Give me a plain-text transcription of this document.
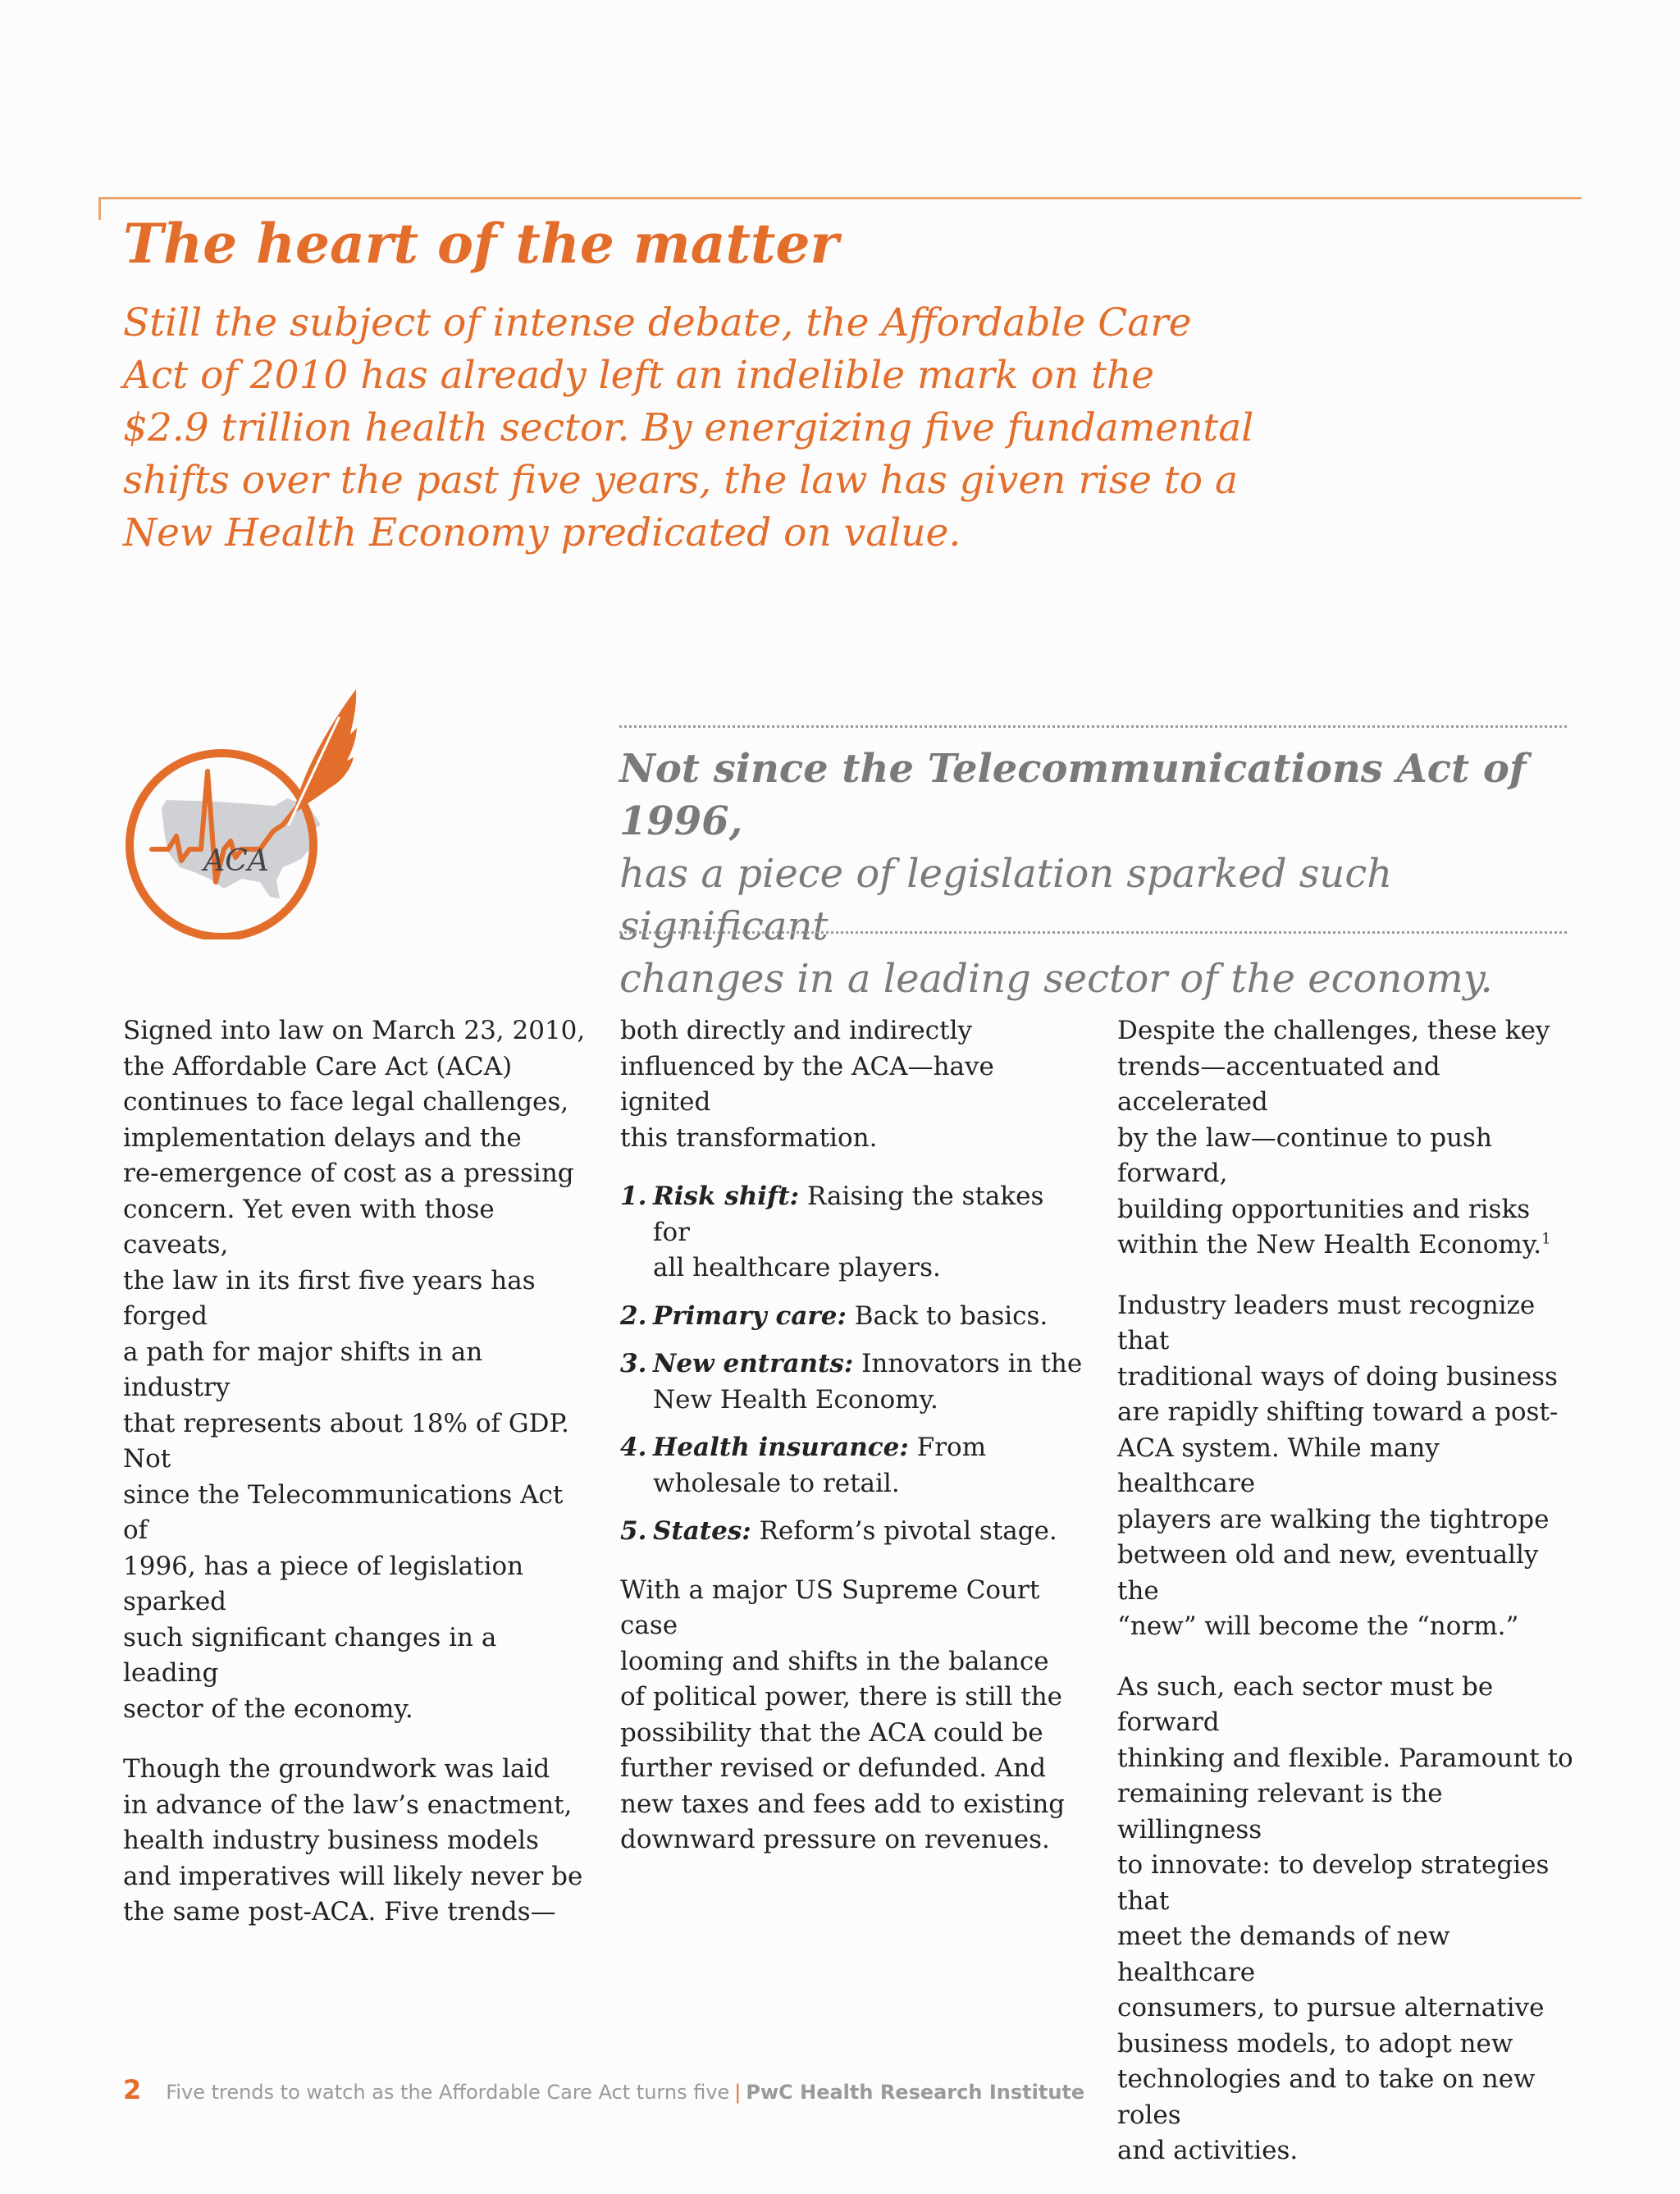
The heart of the matter

Still the subject of intense debate, the Affordable Care
Act of 2010 has already left an indelible mark on the
$2.9 trillion health sector. By energizing five fundamental
shifts over the past five years, the law has given rise to a
New Health Economy predicated on value.

ACA

Not since the Telecommunications Act of 1996,
has a piece of legislation sparked such significant
changes in a leading sector of the economy.

Signed into law on March 23, 2010,
the Affordable Care Act (ACA)
continues to face legal challenges,
implementation delays and the
re-emergence of cost as a pressing
concern. Yet even with those caveats,
the law in its first five years has forged
a path for major shifts in an industry
that represents about 18% of GDP. Not
since the Telecommunications Act of
1996, has a piece of legislation sparked
such significant changes in a leading
sector of the economy.

Though the groundwork was laid
in advance of the law’s enactment,
health industry business models
and imperatives will likely never be
the same post-ACA. Five trends—

both directly and indirectly
influenced by the ACA—have ignited
this transformation.

1. Risk shift: Raising the stakes for
all healthcare players.
2. Primary care: Back to basics.
3. New entrants: Innovators in the
New Health Economy.
4. Health insurance: From
wholesale to retail.
5. States: Reform’s pivotal stage.

With a major US Supreme Court case
looming and shifts in the balance
of political power, there is still the
possibility that the ACA could be
further revised or defunded. And
new taxes and fees add to existing
downward pressure on revenues.

Despite the challenges, these key
trends—accentuated and accelerated
by the law—continue to push forward,
building opportunities and risks
within the New Health Economy.$^1$

Industry leaders must recognize that
traditional ways of doing business
are rapidly shifting toward a post-
ACA system. While many healthcare
players are walking the tightrope
between old and new, eventually the
“new” will become the “norm.”

As such, each sector must be forward
thinking and flexible. Paramount to
remaining relevant is the willingness
to innovate: to develop strategies that
meet the demands of new healthcare
consumers, to pursue alternative
business models, to adopt new
technologies and to take on new roles
and activities.

2 Five trends to watch as the Affordable Care Act turns five | PwC Health Research Institute
